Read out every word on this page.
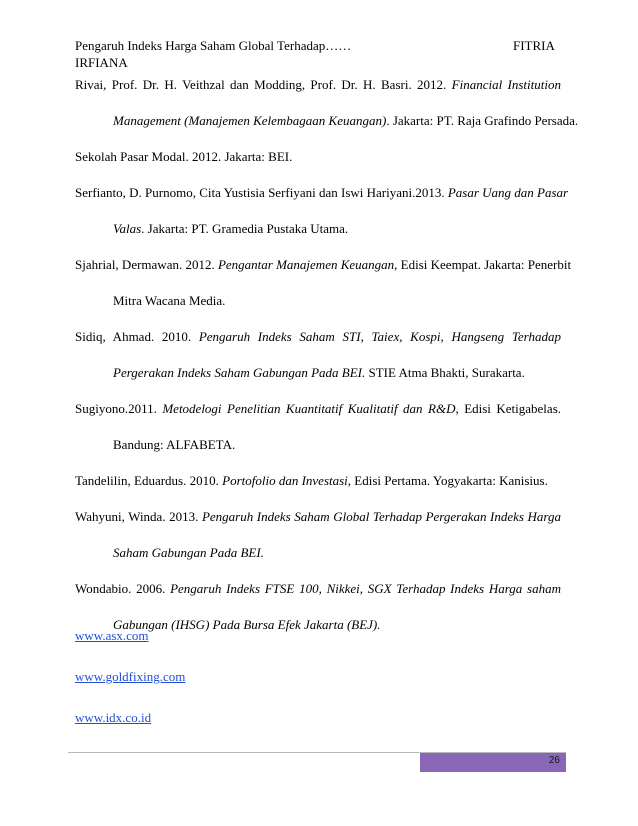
Pengaruh Indeks Harga Saham Global Terhadap……	FITRIA
IRFIANA
Rivai, Prof. Dr. H. Veithzal dan Modding, Prof. Dr. H. Basri. 2012. Financial Institution
Management (Manajemen Kelembagaan Keuangan). Jakarta: PT. Raja Grafindo Persada.
Sekolah Pasar Modal. 2012. Jakarta: BEI.
Serfianto, D. Purnomo, Cita Yustisia Serfiyani dan Iswi Hariyani.2013. Pasar Uang dan Pasar
Valas. Jakarta: PT. Gramedia Pustaka Utama.
Sjahrial, Dermawan. 2012. Pengantar Manajemen Keuangan, Edisi Keempat. Jakarta: Penerbit
Mitra Wacana Media.
Sidiq, Ahmad. 2010. Pengaruh Indeks Saham STI, Taiex, Kospi, Hangseng Terhadap
Pergerakan Indeks Saham Gabungan Pada BEI. STIE Atma Bhakti, Surakarta.
Sugiyono.2011. Metodelogi Penelitian Kuantitatif Kualitatif dan R&D, Edisi Ketigabelas.
Bandung: ALFABETA.
Tandelilin, Eduardus. 2010. Portofolio dan Investasi, Edisi Pertama. Yogyakarta: Kanisius.
Wahyuni, Winda. 2013. Pengaruh Indeks Saham Global Terhadap Pergerakan Indeks Harga
Saham Gabungan Pada BEI.
Wondabio. 2006. Pengaruh Indeks FTSE 100, Nikkei, SGX Terhadap Indeks Harga saham
Gabungan (IHSG) Pada Bursa Efek Jakarta (BEJ).
www.asx.com
www.goldfixing.com
www.idx.co.id
26
